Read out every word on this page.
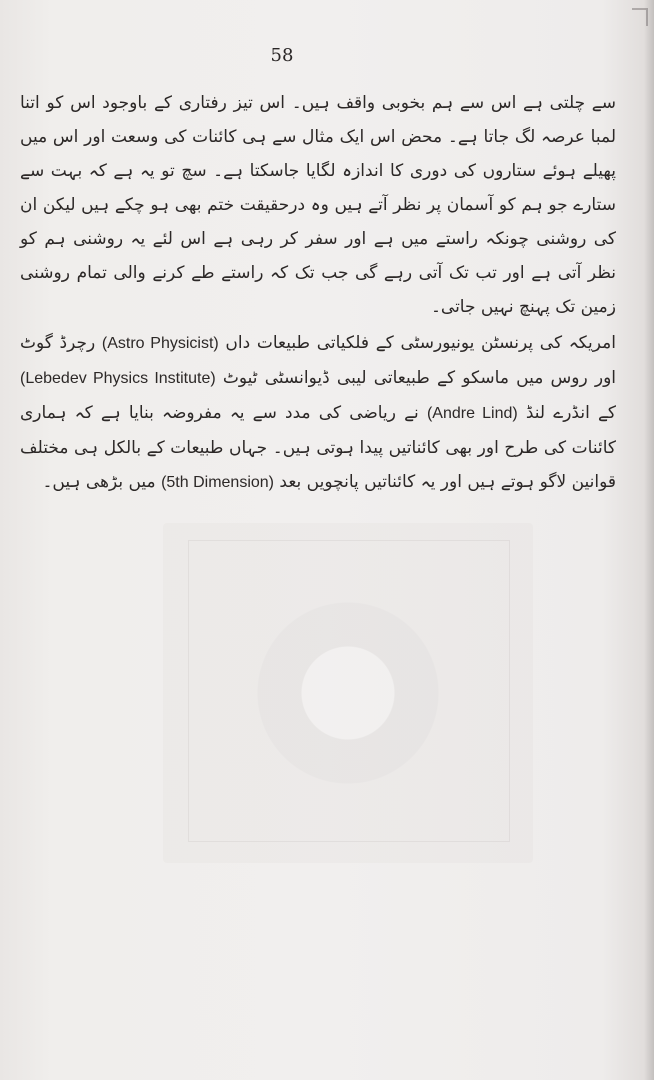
58

سے چلتی ہے اس سے ہم بخوبی واقف ہیں۔ اس تیز رفتاری کے باوجود اس کو اتنا لمبا عرصہ لگ جاتا ہے۔ محض اس ایک مثال سے ہی کائنات کی وسعت اور اس میں پھیلے ہوئے ستاروں کی دوری کا اندازہ لگایا جاسکتا ہے۔ سچ تو یہ ہے کہ بہت سے ستارے جو ہم کو آسمان پر نظر آتے ہیں وہ درحقیقت ختم بھی ہو چکے ہیں لیکن ان کی روشنی چونکہ راستے میں ہے اور سفر کر رہی ہے اس لئے یہ روشنی ہم کو نظر آتی ہے اور تب تک آتی رہے گی جب تک کہ راستے طے کرنے والی تمام روشنی زمین تک پہنچ نہیں جاتی۔

امریکہ کی پرنسٹن یونیورسٹی کے فلکیاتی طبیعات داں (Astro Physicist) رچرڈ گوٹ اور روس میں ماسکو کے طبیعاتی لیبی ڈیوانسٹی ٹیوٹ (Lebedev Physics Institute) کے انڈرے لنڈ (Andre Lind) نے ریاضی کی مدد سے یہ مفروضہ بنایا ہے کہ ہماری کائنات کی طرح اور بھی کائناتیں پیدا ہوتی ہیں۔ جہاں طبیعات کے بالکل ہی مختلف قوانین لاگو ہوتے ہیں اور یہ کائناتیں پانچویں بعد (5th Dimension) میں بڑھی ہیں۔
